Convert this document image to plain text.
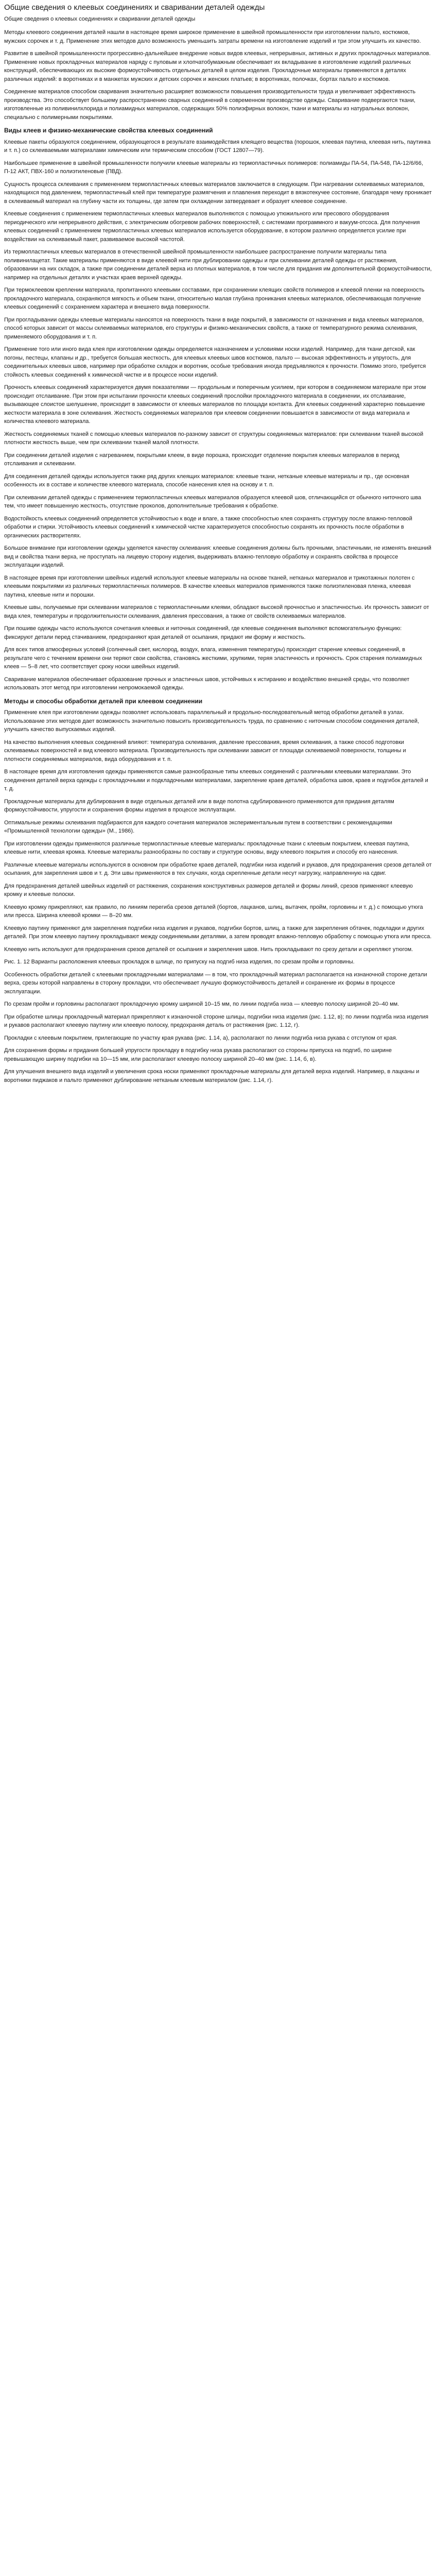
Общие сведения о клеевых соединениях и сваривании деталей одежды

Общие сведения о клеевых соединениях и сваривании деталей одежды

Методы клеевого соединения деталей нашли в настоящее время широкое применение в швейной промышленности при изготовлении пальто, костюмов, мужских сорочек и т. д. Применение этих методов дало возможность уменьшить затраты времени на изготовление изделий и три этом улучшить их качество.

Развитие в швейной промышленности прогрессивно-дальнейшее внедрение новых видов клеевых, непрерывных, активных и других прокладочных материалов. Применение новых прокладочных материалов наряду с пуловым и хлопчатобумажным обеспечивает их вкладывание в изготовление изделий различных конструкций, обеспечивающих их высокие формоустойчивость отдельных деталей в целом изделия. Прокладочные материалы применяются в деталях различных изделий: в воротниках и в манжетах мужских и детских сорочек и женских платьев; в воротниках, полочках, бортах пальто и костюмов.

Соединение материалов способом сваривания значительно расширяет возможности повышения производительности труда и увеличивает эффективность производства. Это способствует большему распространению сварных соединений в современном производстве одежды. Сваривание подвергаются ткани, изготовленные из поливинилхлорида и полиамидных материалов, содержащих 50% полиэфирных волокон, ткани и материалы из натуральных волокон, специально с полимерными покрытиями.

Виды клеев и физико-механические свойства клеевых соединений

Клеевые пакеты образуются соединением, образующегося в результате взаимодействия клеящего вещества (порошок, клеевая паутина, клеевая нить, паутинка и т. п.) со склеиваемыми материалами химическим или термическим способом (ГОСТ 12807—79).

Наибольшее применение в швейной промышленности получили клеевые материалы из термопластичных полимеров: полиамиды ПА-54, ПА-548, ПА-12/6/66, П-12 АКТ, ПВХ-160 и полиэтиленовые (ПВД).

Сущность процесса склеивания с применением термопластичных клеевых материалов заключается в следующем. При нагревании склеиваемых материалов, находящихся под давлением, термопластичный клей при температуре размягчения и плавления переходит в вязкотекучее состояние, благодаря чему проникает в склеиваемый материал на глубину части их толщины, где затем при охлаждении затвердевает и образует клеевое соединение.

Клеевые соединения с применением термопластичных клеевых материалов выполняются с помощью утюжильного или пресового оборудования периодического или непрерывного действия, с электрическим обогревом рабочих поверхностей, с системами программного и вакуум-отсоса. Для получения клеевых соединений с применением термопластичных клеевых материалов используется оборудование, в котором различно определяется усилие при воздействии на склеиваемый пакет, развиваемое высокой частотой.

Из термопластичных клеевых материалов в отечественной швейной промышленности наибольшее распространение получили материалы типа поливинилацетат. Такие материалы применяются в виде клеевой нити при дублировании одежды и при склеивании деталей одежды от растяжения, образовании на них складок, а также при соединении деталей верха из плотных материалов, в том числе для придания им дополнительной формоустойчивости, например на отдельных деталях и участках краев верхней одежды.

При термоклеевом креплении материала, пропитанного клеевыми составами, при сохраниении клеящих свойств полимеров и клеевой пленки на поверхность прокладочного материала, сохраняются мягкость и объем ткани, относительно малая глубина проникания клеевых материалов, обеспечивающая получение клеевых соединений с сохранением характера и внешнего вида поверхности.

При прогладывании одежды клеевые материалы наносятся на поверхность ткани в виде покрытий, в зависимости от назначения и вида клеевых материалов, способ которых зависит от массы склеиваемых материалов, его структуры и физико-механических свойств, а также от температурного режима склеивания, применяемого оборудования и т. п.

Применение того или иного вида клея при изготовлении одежды определяется назначением и условиями носки изделий. Например, для ткани детской, как погоны, пестецы, клапаны и др., требуется большая жесткость, для клеевых клеевых швов костюмов, пальто — высокая эффективность и упругость, для соединительных клеевых швов, например при обработке складок и воротник, особые требования иногда предъявляются к прочности. Помимо этого, требуется стойкость клеевых соединений к химической чистке и в процессе носки изделий.

Прочность клеевых соединений характеризуется двумя показателями — продольным и поперечным усилием, при котором в соединяемом материале при этом происходит отслаивание. При этом при испытании прочности клеевых соединений прослойки прокладочного материала в соединении, их отслаивание, вызывающее слоистое шелушение, происходит в зависимости от клеевых материалов по площади контакта. Для клеевых соединений характерно повышение жесткости материала в зоне склеивания. Жесткость соединяемых материалов при клеевом соединении повышается в зависимости от вида материала и количества клеевого материала.

Жесткость соединяемых тканей с помощью клеевых материалов по-разному зависит от структуры соединяемых материалов: при склеивании тканей высокой плотности жесткость выше, чем при склеивании тканей малой плотности.

При соединении деталей изделия с нагреванием, покрытыми клеем, в виде порошка, происходит отделение покрытия клеевых материалов в период отслаивания и склеивании.

Для соединения деталей одежды используется также ряд других клеящих материалов: клеевые ткани, нетканые клеевые материалы и пр., где основная особенность их в составе и количестве клеевого материала, способе нанесения клея на основу и т. п.

При склеивании деталей одежды с применением термопластичных клеевых материалов образуется клеевой шов, отличающийся от обычного ниточного шва тем, что имеет повышенную жесткость, отсутствие проколов, дополнительные требования к обработке.

Водостойкость клеевых соединений определяется устойчивостью к воде и влаге, а также способностью клея сохранять структуру после влажно-тепловой обработки и стирки. Устойчивость клеевых соединений к химической чистке характеризуется способностью сохранять их прочность после обработки в органических растворителях.

Большое внимание при изготовлении одежды уделяется качеству склеивания: клеевые соединения должны быть прочными, эластичными, не изменять внешний вид и свойства ткани верха, не проступать на лицевую сторону изделия, выдерживать влажно-тепловую обработку и сохранять свойства в процессе эксплуатации изделий.

В настоящее время при изготовлении швейных изделий используют клеевые материалы на основе тканей, нетканых материалов и трикотажных полотен с клеевыми покрытиями из различных термопластичных полимеров. В качестве клеевых материалов применяются также полиэтиленовая пленка, клеевая паутина, клеевые нити и порошки.

Клеевые швы, получаемые при склеивании материалов с термопластичными клеями, обладают высокой прочностью и эластичностью. Их прочность зависит от вида клея, температуры и продолжительности склеивания, давления прессования, а также от свойств склеиваемых материалов.

При пошиве одежды часто используются сочетания клеевых и ниточных соединений, где клеевые соединения выполняют вспомогательную функцию: фиксируют детали перед стачиванием, предохраняют края деталей от осыпания, придают им форму и жесткость.

Для всех типов атмосферных условий (солнечный свет, кислород, воздух, влага, изменения температуры) происходит старение клеевых соединений, в результате чего с течением времени они теряют свои свойства, становясь жесткими, хрупкими, теряя эластичность и прочность. Срок старения полиамидных клеев — 5–8 лет, что соответствует сроку носки швейных изделий.

Сваривание материалов обеспечивает образование прочных и эластичных швов, устойчивых к истиранию и воздействию внешней среды, что позволяет использовать этот метод при изготовлении непромокаемой одежды.

Методы и способы обработки деталей при клеевом соединении

Применение клея при изготовлении одежды позволяет использовать параллельный и продольно-последовательный метод обработки деталей в узлах. Использование этих методов дает возможность значительно повысить производительность труда, по сравнению с ниточным способом соединения деталей, улучшить качество выпускаемых изделий.

На качество выполнения клеевых соединений влияют: температура склеивания, давление прессования, время склеивания, а также способ подготовки склеиваемых поверхностей и вид клеевого материала. Производительность при склеивании зависит от площади склеиваемой поверхности, толщины и плотности соединяемых материалов, вида оборудования и т. п.

В настоящее время для изготовления одежды применяются самые разнообразные типы клеевых соединений с различными клеевыми материалами. Это соединения деталей верха одежды с прокладочными и подкладочными материалами, закрепление краев деталей, обработка швов, краев и подгибок деталей и т. д.

Прокладочные материалы для дублирования в виде отдельных деталей или в виде полотна сдублированного применяются для придания деталям формоустойчивости, упругости и сохранения формы изделия в процессе эксплуатации.

Оптимальные режимы склеивания подбираются для каждого сочетания материалов экспериментальным путем в соответствии с рекомендациями «Промышленной технологии одежды» (М., 1986).

При изготовлении одежды применяются различные термопластичные клеевые материалы: прокладочные ткани с клеевым покрытием, клеевая паутина, клеевые нити, клеевая кромка. Клеевые материалы разнообразны по составу и структуре основы, виду клеевого покрытия и способу его нанесения.

Различные клеевые материалы используются в основном при обработке краев деталей, подгибки низа изделий и рукавов, для предохранения срезов деталей от осыпания, для закрепления швов и т. д. Эти швы применяются в тех случаях, когда скрепленные детали несут нагрузку, направленную на сдвиг.

Для предохранения деталей швейных изделий от растяжения, сохранения конструктивных размеров деталей и формы линий, срезов применяют клеевую кромку и клеевые полоски.

Клеевую кромку прикрепляют, как правило, по линиям перегиба срезов деталей (бортов, лацканов, шлиц, вытачек, пройм, горловины и т. д.) с помощью утюга или пресса. Ширина клеевой кромки — 8–20 мм.

Клеевую паутину применяют для закрепления подгибки низа изделия и рукавов, подгибки бортов, шлиц, а также для закрепления обтачек, подкладки и других деталей. При этом клеевую паутину прокладывают между соединяемыми деталями, а затем проводят влажно-тепловую обработку с помощью утюга или пресса.

Клеевую нить используют для предохранения срезов деталей от осыпания и закрепления швов. Нить прокладывают по срезу детали и скрепляют утюгом.

Рис. 1. 12 Варианты расположения клеевых прокладок в шлице, по припуску на подгиб низа изделия, по срезам пройм и горловины.

Особенность обработки деталей с клеевыми прокладочными материалами — в том, что прокладочный материал располагается на изнаночной стороне детали верха, срезы которой направлены в сторону прокладки, что обеспечивает лучшую формоустойчивость деталей и сохранение их формы в процессе эксплуатации.

По срезам пройм и горловины располагают прокладочную кромку шириной 10–15 мм, по линии подгиба низа — клеевую полоску шириной 20–40 мм.

При обработке шлицы прокладочный материал прикрепляют к изнаночной стороне шлицы, подгибки низа изделия (рис. 1.12, в); по линии подгиба низа изделия и рукавов располагают клеевую паутину или клеевую полоску, предохраняя деталь от растяжения (рис. 1.12, г).

Прокладки с клеевым покрытием, прилегающие по участку края рукава (рис. 1.14, а), располагают по линии подгиба низа рукава с отступом от края.

Для сохранения формы и придания большей упругости прокладку в подгибку низа рукава располагают со стороны припуска на подгиб, по ширине превышающую ширину подгибки на 10—15 мм, или располагают клеевую полоску шириной 20–40 мм (рис. 1.14, б, в).

Для улучшения внешнего вида изделий и увеличения срока носки применяют прокладочные материалы для деталей верха изделий. Например, в лацканы и воротники пиджаков и пальто применяют дублирование нетканым клеевым материалом (рис. 1.14, г).
